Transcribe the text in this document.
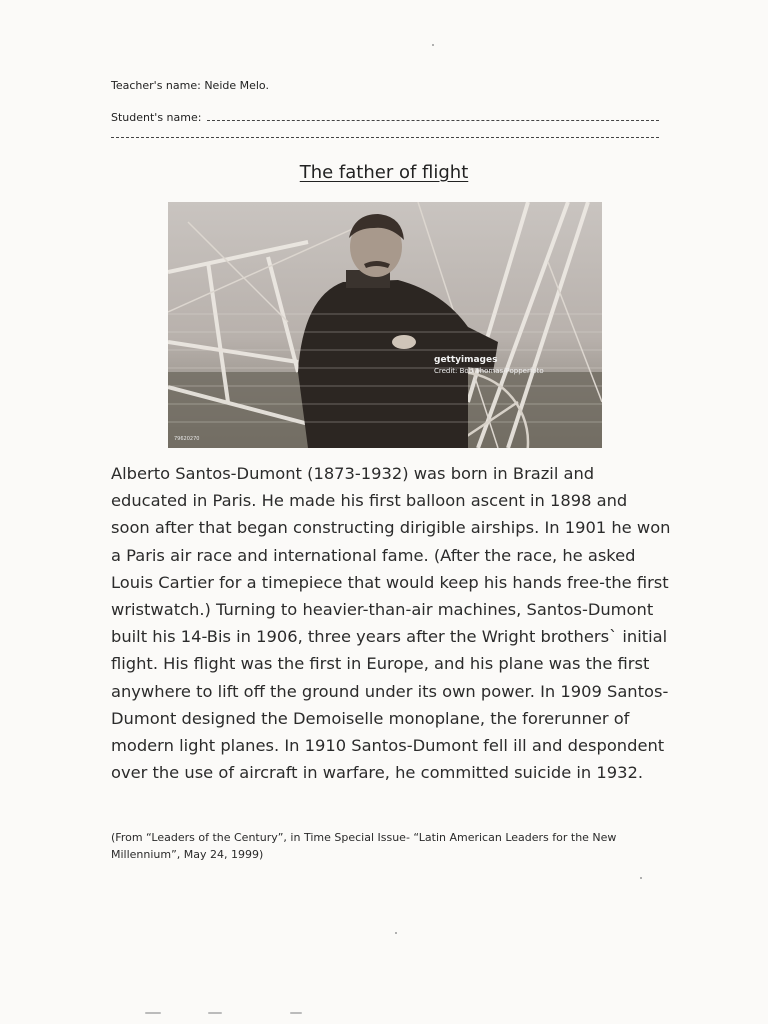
Teacher's name: Neide Melo.
Student's name:
The father of flight
gettyimages
Credit: Bob Thomas/Popperfoto
79620270

Alberto Santos-Dumont (1873-1932) was born in Brazil and educated in Paris. He made his first balloon ascent in 1898 and soon after that began constructing dirigible airships. In 1901 he won a Paris air race and international fame. (After the race, he asked Louis Cartier for a timepiece that would keep his hands free-the first wristwatch.) Turning to heavier-than-air machines, Santos-Dumont built his 14-Bis in 1906, three years after the Wright brothers` initial flight. His flight was the first in Europe, and his plane was the first anywhere to lift off the ground under its own power. In 1909 Santos-Dumont designed the Demoiselle monoplane, the forerunner of modern light planes. In 1910 Santos-Dumont fell ill and despondent over the use of aircraft in warfare, he committed suicide in 1932.

(From “Leaders of the Century”, in Time Special Issue- “Latin American Leaders for the New Millennium”, May 24, 1999)
